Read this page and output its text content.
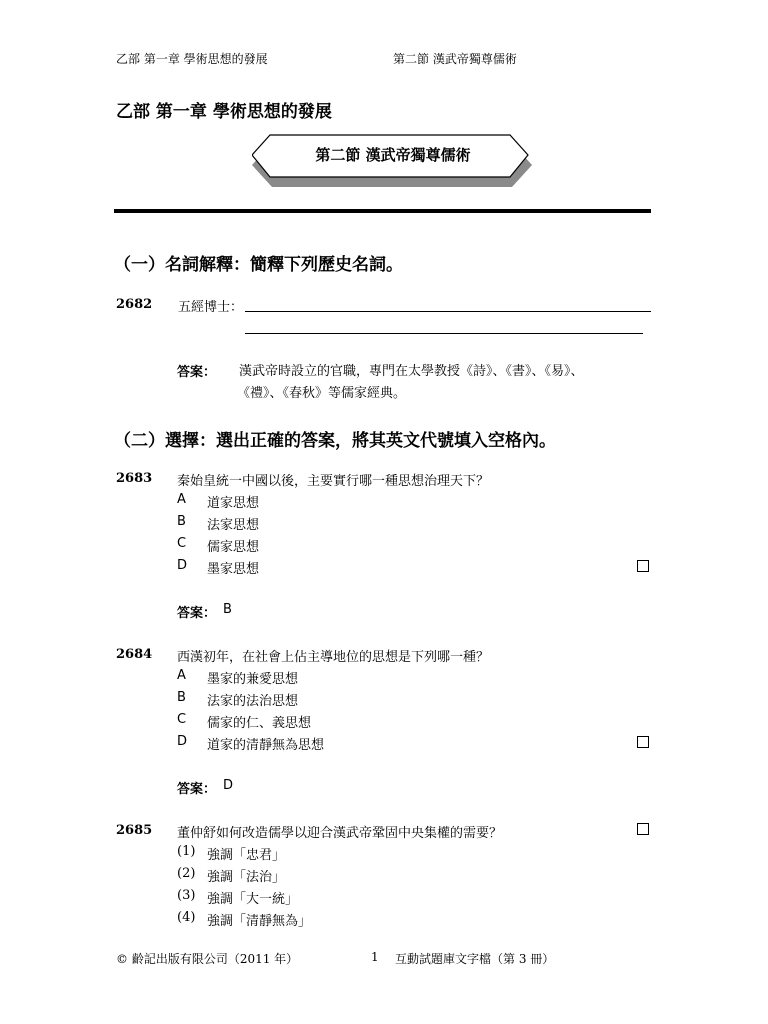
乙部 第一章 學術思想的發展	第二節 漢武帝獨尊儒術
乙部 第一章 學術思想的發展
第二節 漢武帝獨尊儒術
（一）名詞解釋：簡釋下列歷史名詞。
2682 五經博士：
答案： 漢武帝時設立的官職，專門在太學教授《詩》、《書》、《易》、
《禮》、《春秋》等儒家經典。
（二）選擇：選出正確的答案，將其英文代號填入空格內。
2683 秦始皇統一中國以後，主要實行哪一種思想治理天下？
A 道家思想
B 法家思想
C 儒家思想
D 墨家思想
答案： B
2684 西漢初年，在社會上佔主導地位的思想是下列哪一種？
A 墨家的兼愛思想
B 法家的法治思想
C 儒家的仁、義思想
D 道家的清靜無為思想
答案： D
2685 董仲舒如何改造儒學以迎合漢武帝鞏固中央集權的需要？
(1) 強調「忠君」
(2) 強調「法治」
(3) 強調「大一統」
(4) 強調「清靜無為」
© 齡記出版有限公司（2011 年）	1 互動試題庫文字檔（第 3 冊）
